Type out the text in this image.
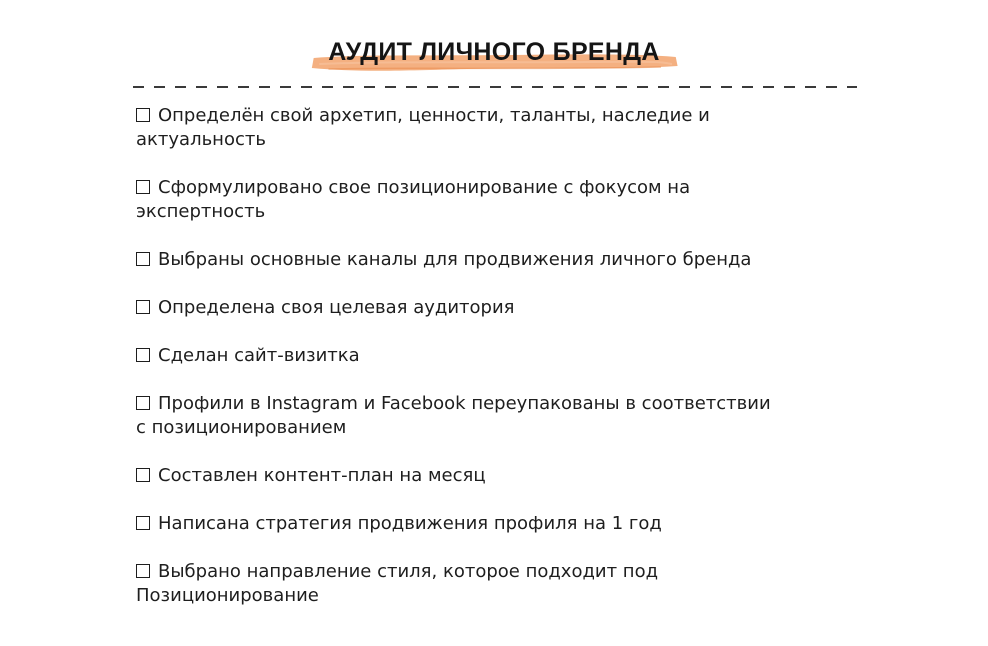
АУДИТ ЛИЧНОГО БРЕНДА
Определён свой архетип, ценности, таланты, наследие и
актуальность
Сформулировано свое позиционирование с фокусом на
экспертность
Выбраны основные каналы для продвижения личного бренда
Определена своя целевая аудитория
Сделан сайт-визитка
Профили в Instagram и Facebook переупакованы в соответствии
с позиционированием
Составлен контент-план на месяц
Написана стратегия продвижения профиля на 1 год
Выбрано направление стиля, которое подходит под
Позиционирование
